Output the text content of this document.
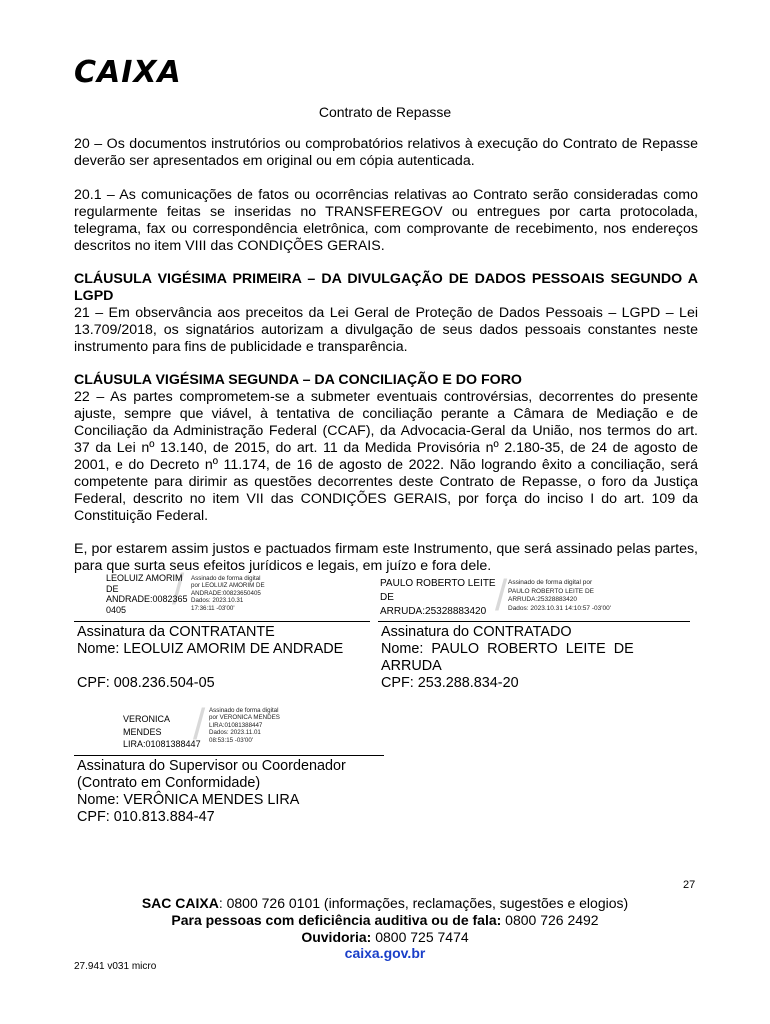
CAIXA
Contrato de Repasse

20 – Os documentos instrutórios ou comprobatórios relativos à execução do Contrato de Repasse deverão ser apresentados em original ou em cópia autenticada.

20.1 – As comunicações de fatos ou ocorrências relativas ao Contrato serão consideradas como regularmente feitas se inseridas no TRANSFEREGOV ou entregues por carta protocolada, telegrama, fax ou correspondência eletrônica, com comprovante de recebimento, nos endereços descritos no item VIII das CONDIÇÕES GERAIS.

CLÁUSULA VIGÉSIMA PRIMEIRA – DA DIVULGAÇÃO DE DADOS PESSOAIS SEGUNDO A LGPD

21 – Em observância aos preceitos da Lei Geral de Proteção de Dados Pessoais – LGPD – Lei 13.709/2018, os signatários autorizam a divulgação de seus dados pessoais constantes neste instrumento para fins de publicidade e transparência.

CLÁUSULA VIGÉSIMA SEGUNDA – DA CONCILIAÇÃO E DO FORO

22 – As partes comprometem-se a submeter eventuais controvérsias, decorrentes do presente ajuste, sempre que viável, à tentativa de conciliação perante a Câmara de Mediação e de Conciliação da Administração Federal (CCAF), da Advocacia-Geral da União, nos termos do art. 37 da Lei nº 13.140, de 2015, do art. 11 da Medida Provisória nº 2.180-35, de 24 de agosto de 2001, e do Decreto nº 11.174, de 16 de agosto de 2022. Não logrando êxito a conciliação, será competente para dirimir as questões decorrentes deste Contrato de Repasse, o foro da Justiça Federal, descrito no item VII das CONDIÇÕES GERAIS, por força do inciso I do art. 109 da Constituição Federal.

E, por estarem assim justos e pactuados firmam este Instrumento, que será assinado pelas partes, para que surta seus efeitos jurídicos e legais, em juízo e fora dele.

/
LEOLUIZ AMORIM
DE
ANDRADE:0082365
0405
Assinado de forma digital
por LEOLUIZ AMORIM DE
ANDRADE:00823650405
Dados: 2023.10.31
17:36:11 -03'00'
Assinatura da CONTRATANTE
Nome: LEOLUIZ AMORIM DE ANDRADE
CPF: 008.236.504-05
/
PAULO ROBERTO LEITE
DE
ARRUDA:25328883420
Assinado de forma digital por
PAULO ROBERTO LEITE DE
ARRUDA:25328883420
Dados: 2023.10.31 14:10:57 -03'00'
Assinatura do CONTRATADO
Nome:  PAULO  ROBERTO  LEITE  DE
ARRUDA
CPF: 253.288.834-20
/
VERONICA
MENDES
LIRA:01081388447
Assinado de forma digital
por VERONICA MENDES
LIRA:01081388447
Dados: 2023.11.01
08:53:15 -03'00'
Assinatura do Supervisor ou Coordenador
(Contrato em Conformidade)
Nome: VERÔNICA MENDES LIRA
CPF: 010.813.884-47
27
SAC CAIXA: 0800 726 0101 (informações, reclamações, sugestões e elogios)
Para pessoas com deficiência auditiva ou de fala: 0800 726 2492
Ouvidoria: 0800 725 7474
caixa.gov.br
27.941 v031 micro
